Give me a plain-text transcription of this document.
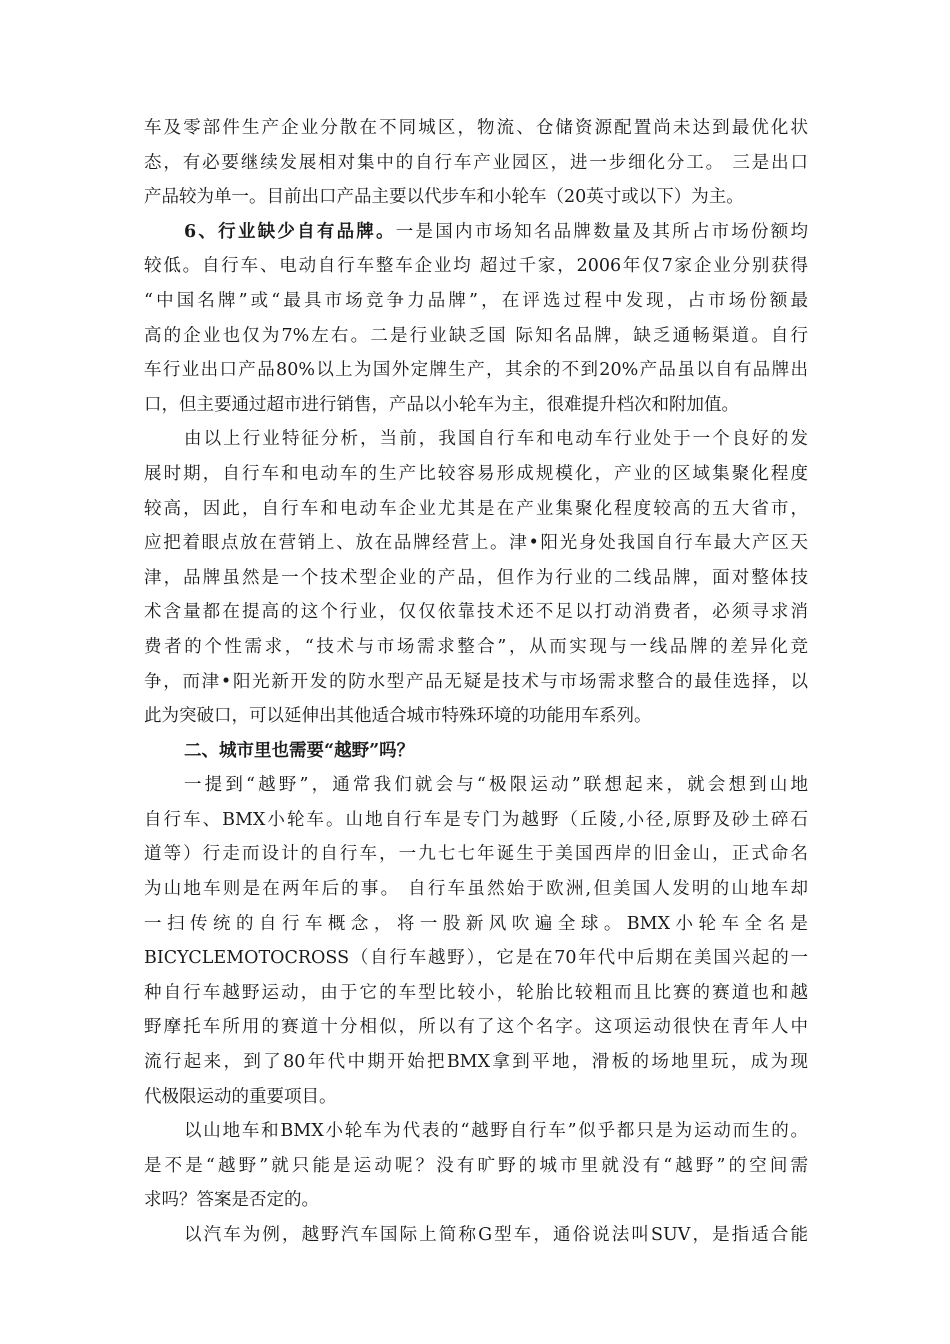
车及零部件生产企业分散在不同城区，物流、仓储资源配置尚未达到最优化状
态，有必要继续发展相对集中的自行车产业园区，进一步细化分工。 三是出口
产品较为单一。目前出口产品主要以代步车和小轮车（20英寸或以下）为主。
6、行业缺少自有品牌。一是国内市场知名品牌数量及其所占市场份额均
较低。自行车、电动自行车整车企业均 超过千家，2006年仅7家企业分别获得
“中国名牌”或“最具市场竞争力品牌”，在评选过程中发现，占市场份额最
高的企业也仅为7%左右。二是行业缺乏国 际知名品牌，缺乏通畅渠道。自行
车行业出口产品80%以上为国外定牌生产，其余的不到20%产品虽以自有品牌出
口，但主要通过超市进行销售，产品以小轮车为主，很难提升档次和附加值。
由以上行业特征分析，当前，我国自行车和电动车行业处于一个良好的发
展时期，自行车和电动车的生产比较容易形成规模化，产业的区域集聚化程度
较高，因此，自行车和电动车企业尤其是在产业集聚化程度较高的五大省市，
应把着眼点放在营销上、放在品牌经营上。津•阳光身处我国自行车最大产区天
津，品牌虽然是一个技术型企业的产品，但作为行业的二线品牌，面对整体技
术含量都在提高的这个行业，仅仅依靠技术还不足以打动消费者，必须寻求消
费者的个性需求，“技术与市场需求整合”，从而实现与一线品牌的差异化竞
争，而津•阳光新开发的防水型产品无疑是技术与市场需求整合的最佳选择，以
此为突破口，可以延伸出其他适合城市特殊环境的功能用车系列。
二、城市里也需要“越野”吗？
一提到“越野”，通常我们就会与“极限运动”联想起来，就会想到山地
自行车、BMX小轮车。山地自行车是专门为越野（丘陵,小径,原野及砂土碎石
道等）行走而设计的自行车，一九七七年诞生于美国西岸的旧金山，正式命名
为山地车则是在两年后的事。 自行车虽然始于欧洲,但美国人发明的山地车却
一扫传统的自行车概念，将一股新风吹遍全球。BMX小轮车全名是
BICYCLEMOTOCROSS（自行车越野），它是在70年代中后期在美国兴起的一
种自行车越野运动，由于它的车型比较小，轮胎比较粗而且比赛的赛道也和越
野摩托车所用的赛道十分相似，所以有了这个名字。这项运动很快在青年人中
流行起来，到了80年代中期开始把BMX拿到平地，滑板的场地里玩，成为现
代极限运动的重要项目。
以山地车和BMX小轮车为代表的“越野自行车”似乎都只是为运动而生的。
是不是“越野”就只能是运动呢？没有旷野的城市里就没有“越野”的空间需
求吗？答案是否定的。
以汽车为例，越野汽车国际上简称G型车，通俗说法叫SUV，是指适合能
